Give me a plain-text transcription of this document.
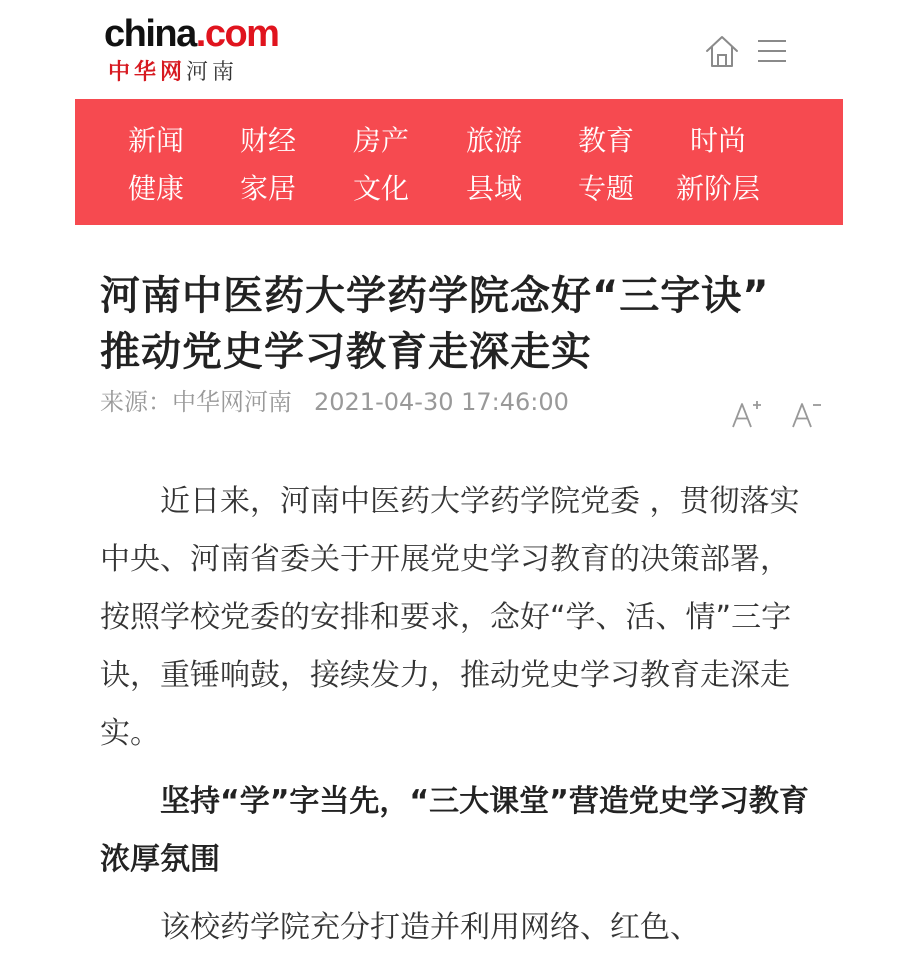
china.com
中华网河南
新闻	财经	房产	旅游	教育	时尚
健康	家居	文化	县域	专题	新阶层
河南中医药大学药学院念好“三字诀” 推动党史学习教育走深走实
来源：中华网河南 2021-04-30 17:46:00

近日来，河南中医药大学药学院党委 ，贯彻落实中央、河南省委关于开展党史学习教育的决策部署，按照学校党委的安排和要求，念好“学、活、情”三字诀，重锤响鼓，接续发力，推动党史学习教育走深走实。

坚持“学”字当先，“三大课堂”营造党史学习教育浓厚氛围

该校药学院充分打造并利用网络、红色、
